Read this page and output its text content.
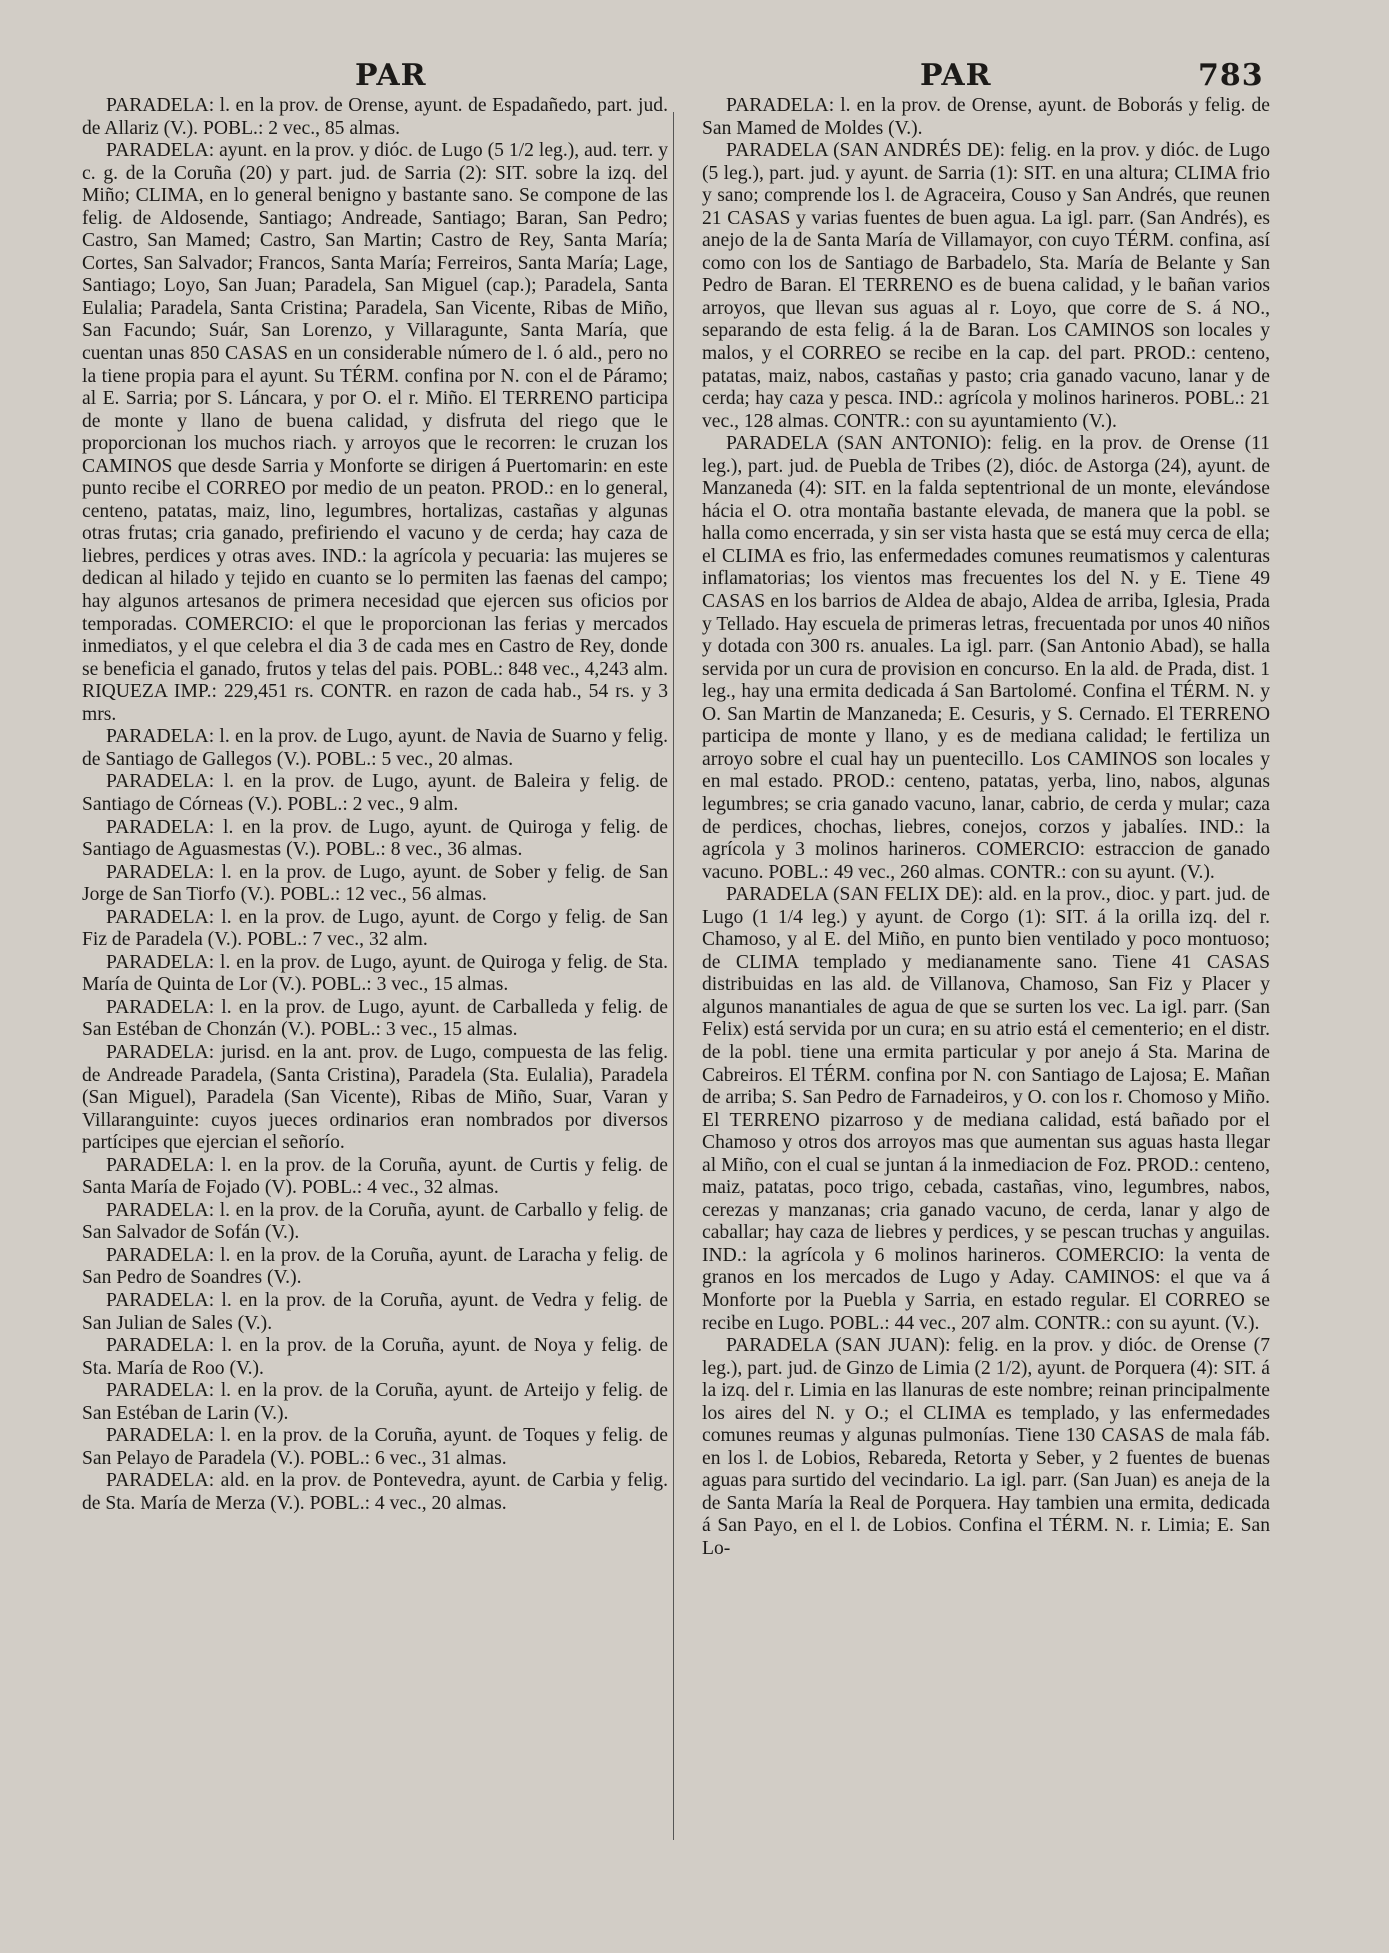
PAR	PAR	783

PARADELA: l. en la prov. de Orense, ayunt. de Espadañedo, part. jud. de Allariz (V.). POBL.: 2 vec., 85 almas.

PARADELA: ayunt. en la prov. y dióc. de Lugo (5 1/2 leg.), aud. terr. y c. g. de la Coruña (20) y part. jud. de Sarria (2): SIT. sobre la izq. del Miño; CLIMA, en lo general benigno y bastante sano. Se compone de las felig. de Aldosende, Santiago; Andreade, Santiago; Baran, San Pedro; Castro, San Mamed; Castro, San Martin; Castro de Rey, Santa María; Cortes, San Salvador; Francos, Santa María; Ferreiros, Santa María; Lage, Santiago; Loyo, San Juan; Paradela, San Miguel (cap.); Paradela, Santa Eulalia; Paradela, Santa Cristina; Paradela, San Vicente, Ribas de Miño, San Facundo; Suár, San Lorenzo, y Villaragunte, Santa María, que cuentan unas 850 CASAS en un considerable número de l. ó ald., pero no la tiene propia para el ayunt. Su TÉRM. confina por N. con el de Páramo; al E. Sarria; por S. Láncara, y por O. el r. Miño. El TERRENO participa de monte y llano de buena calidad, y disfruta del riego que le proporcionan los muchos riach. y arroyos que le recorren: le cruzan los CAMINOS que desde Sarria y Monforte se dirigen á Puertomarin: en este punto recibe el CORREO por medio de un peaton. PROD.: en lo general, centeno, patatas, maiz, lino, legumbres, hortalizas, castañas y algunas otras frutas; cria ganado, prefiriendo el vacuno y de cerda; hay caza de liebres, perdices y otras aves. IND.: la agrícola y pecuaria: las mujeres se dedican al hilado y tejido en cuanto se lo permiten las faenas del campo; hay algunos artesanos de primera necesidad que ejercen sus oficios por temporadas. COMERCIO: el que le proporcionan las ferias y mercados inmediatos, y el que celebra el dia 3 de cada mes en Castro de Rey, donde se beneficia el ganado, frutos y telas del pais. POBL.: 848 vec., 4,243 alm. RIQUEZA IMP.: 229,451 rs. CONTR. en razon de cada hab., 54 rs. y 3 mrs.

PARADELA: l. en la prov. de Lugo, ayunt. de Navia de Suarno y felig. de Santiago de Gallegos (V.). POBL.: 5 vec., 20 almas.

PARADELA: l. en la prov. de Lugo, ayunt. de Baleira y felig. de Santiago de Córneas (V.). POBL.: 2 vec., 9 alm.

PARADELA: l. en la prov. de Lugo, ayunt. de Quiroga y felig. de Santiago de Aguasmestas (V.). POBL.: 8 vec., 36 almas.

PARADELA: l. en la prov. de Lugo, ayunt. de Sober y felig. de San Jorge de San Tiorfo (V.). POBL.: 12 vec., 56 almas.

PARADELA: l. en la prov. de Lugo, ayunt. de Corgo y felig. de San Fiz de Paradela (V.). POBL.: 7 vec., 32 alm.

PARADELA: l. en la prov. de Lugo, ayunt. de Quiroga y felig. de Sta. María de Quinta de Lor (V.). POBL.: 3 vec., 15 almas.

PARADELA: l. en la prov. de Lugo, ayunt. de Carballeda y felig. de San Estéban de Chonzán (V.). POBL.: 3 vec., 15 almas.

PARADELA: jurisd. en la ant. prov. de Lugo, compuesta de las felig. de Andreade Paradela, (Santa Cristina), Paradela (Sta. Eulalia), Paradela (San Miguel), Paradela (San Vicente), Ribas de Miño, Suar, Varan y Villaranguinte: cuyos jueces ordinarios eran nombrados por diversos partícipes que ejercian el señorío.

PARADELA: l. en la prov. de la Coruña, ayunt. de Curtis y felig. de Santa María de Fojado (V). POBL.: 4 vec., 32 almas.

PARADELA: l. en la prov. de la Coruña, ayunt. de Carballo y felig. de San Salvador de Sofán (V.).

PARADELA: l. en la prov. de la Coruña, ayunt. de Laracha y felig. de San Pedro de Soandres (V.).

PARADELA: l. en la prov. de la Coruña, ayunt. de Vedra y felig. de San Julian de Sales (V.).

PARADELA: l. en la prov. de la Coruña, ayunt. de Noya y felig. de Sta. María de Roo (V.).

PARADELA: l. en la prov. de la Coruña, ayunt. de Arteijo y felig. de San Estéban de Larin (V.).

PARADELA: l. en la prov. de la Coruña, ayunt. de Toques y felig. de San Pelayo de Paradela (V.). POBL.: 6 vec., 31 almas.

PARADELA: ald. en la prov. de Pontevedra, ayunt. de Carbia y felig. de Sta. María de Merza (V.). POBL.: 4 vec., 20 almas.

PARADELA: l. en la prov. de Orense, ayunt. de Boborás y felig. de San Mamed de Moldes (V.).

PARADELA (SAN ANDRÉS DE): felig. en la prov. y dióc. de Lugo (5 leg.), part. jud. y ayunt. de Sarria (1): SIT. en una altura; CLIMA frio y sano; comprende los l. de Agraceira, Couso y San Andrés, que reunen 21 CASAS y varias fuentes de buen agua. La igl. parr. (San Andrés), es anejo de la de Santa María de Villamayor, con cuyo TÉRM. confina, así como con los de Santiago de Barbadelo, Sta. María de Belante y San Pedro de Baran. El TERRENO es de buena calidad, y le bañan varios arroyos, que llevan sus aguas al r. Loyo, que corre de S. á NO., separando de esta felig. á la de Baran. Los CAMINOS son locales y malos, y el CORREO se recibe en la cap. del part. PROD.: centeno, patatas, maiz, nabos, castañas y pasto; cria ganado vacuno, lanar y de cerda; hay caza y pesca. IND.: agrícola y molinos harineros. POBL.: 21 vec., 128 almas. CONTR.: con su ayuntamiento (V.).

PARADELA (SAN ANTONIO): felig. en la prov. de Orense (11 leg.), part. jud. de Puebla de Tribes (2), dióc. de Astorga (24), ayunt. de Manzaneda (4): SIT. en la falda septentrional de un monte, elevándose hácia el O. otra montaña bastante elevada, de manera que la pobl. se halla como encerrada, y sin ser vista hasta que se está muy cerca de ella; el CLIMA es frio, las enfermedades comunes reumatismos y calenturas inflamatorias; los vientos mas frecuentes los del N. y E. Tiene 49 CASAS en los barrios de Aldea de abajo, Aldea de arriba, Iglesia, Prada y Tellado. Hay escuela de primeras letras, frecuentada por unos 40 niños y dotada con 300 rs. anuales. La igl. parr. (San Antonio Abad), se halla servida por un cura de provision en concurso. En la ald. de Prada, dist. 1 leg., hay una ermita dedicada á San Bartolomé. Confina el TÉRM. N. y O. San Martin de Manzaneda; E. Cesuris, y S. Cernado. El TERRENO participa de monte y llano, y es de mediana calidad; le fertiliza un arroyo sobre el cual hay un puentecillo. Los CAMINOS son locales y en mal estado. PROD.: centeno, patatas, yerba, lino, nabos, algunas legumbres; se cria ganado vacuno, lanar, cabrio, de cerda y mular; caza de perdices, chochas, liebres, conejos, corzos y jabalíes. IND.: la agrícola y 3 molinos harineros. COMERCIO: estraccion de ganado vacuno. POBL.: 49 vec., 260 almas. CONTR.: con su ayunt. (V.).

PARADELA (SAN FELIX DE): ald. en la prov., dioc. y part. jud. de Lugo (1 1/4 leg.) y ayunt. de Corgo (1): SIT. á la orilla izq. del r. Chamoso, y al E. del Miño, en punto bien ventilado y poco montuoso; de CLIMA templado y medianamente sano. Tiene 41 CASAS distribuidas en las ald. de Villanova, Chamoso, San Fiz y Placer y algunos manantiales de agua de que se surten los vec. La igl. parr. (San Felix) está servida por un cura; en su atrio está el cementerio; en el distr. de la pobl. tiene una ermita particular y por anejo á Sta. Marina de Cabreiros. El TÉRM. confina por N. con Santiago de Lajosa; E. Mañan de arriba; S. San Pedro de Farnadeiros, y O. con los r. Chomoso y Miño. El TERRENO pizarroso y de mediana calidad, está bañado por el Chamoso y otros dos arroyos mas que aumentan sus aguas hasta llegar al Miño, con el cual se juntan á la inmediacion de Foz. PROD.: centeno, maiz, patatas, poco trigo, cebada, castañas, vino, legumbres, nabos, cerezas y manzanas; cria ganado vacuno, de cerda, lanar y algo de caballar; hay caza de liebres y perdices, y se pescan truchas y anguilas. IND.: la agrícola y 6 molinos harineros. COMERCIO: la venta de granos en los mercados de Lugo y Aday. CAMINOS: el que va á Monforte por la Puebla y Sarria, en estado regular. El CORREO se recibe en Lugo. POBL.: 44 vec., 207 alm. CONTR.: con su ayunt. (V.).

PARADELA (SAN JUAN): felig. en la prov. y dióc. de Orense (7 leg.), part. jud. de Ginzo de Limia (2 1/2), ayunt. de Porquera (4): SIT. á la izq. del r. Limia en las llanuras de este nombre; reinan principalmente los aires del N. y O.; el CLIMA es templado, y las enfermedades comunes reumas y algunas pulmonías. Tiene 130 CASAS de mala fáb. en los l. de Lobios, Rebareda, Retorta y Seber, y 2 fuentes de buenas aguas para surtido del vecindario. La igl. parr. (San Juan) es aneja de la de Santa María la Real de Porquera. Hay tambien una ermita, dedicada á San Payo, en el l. de Lobios. Confina el TÉRM. N. r. Limia; E. San Lo-
